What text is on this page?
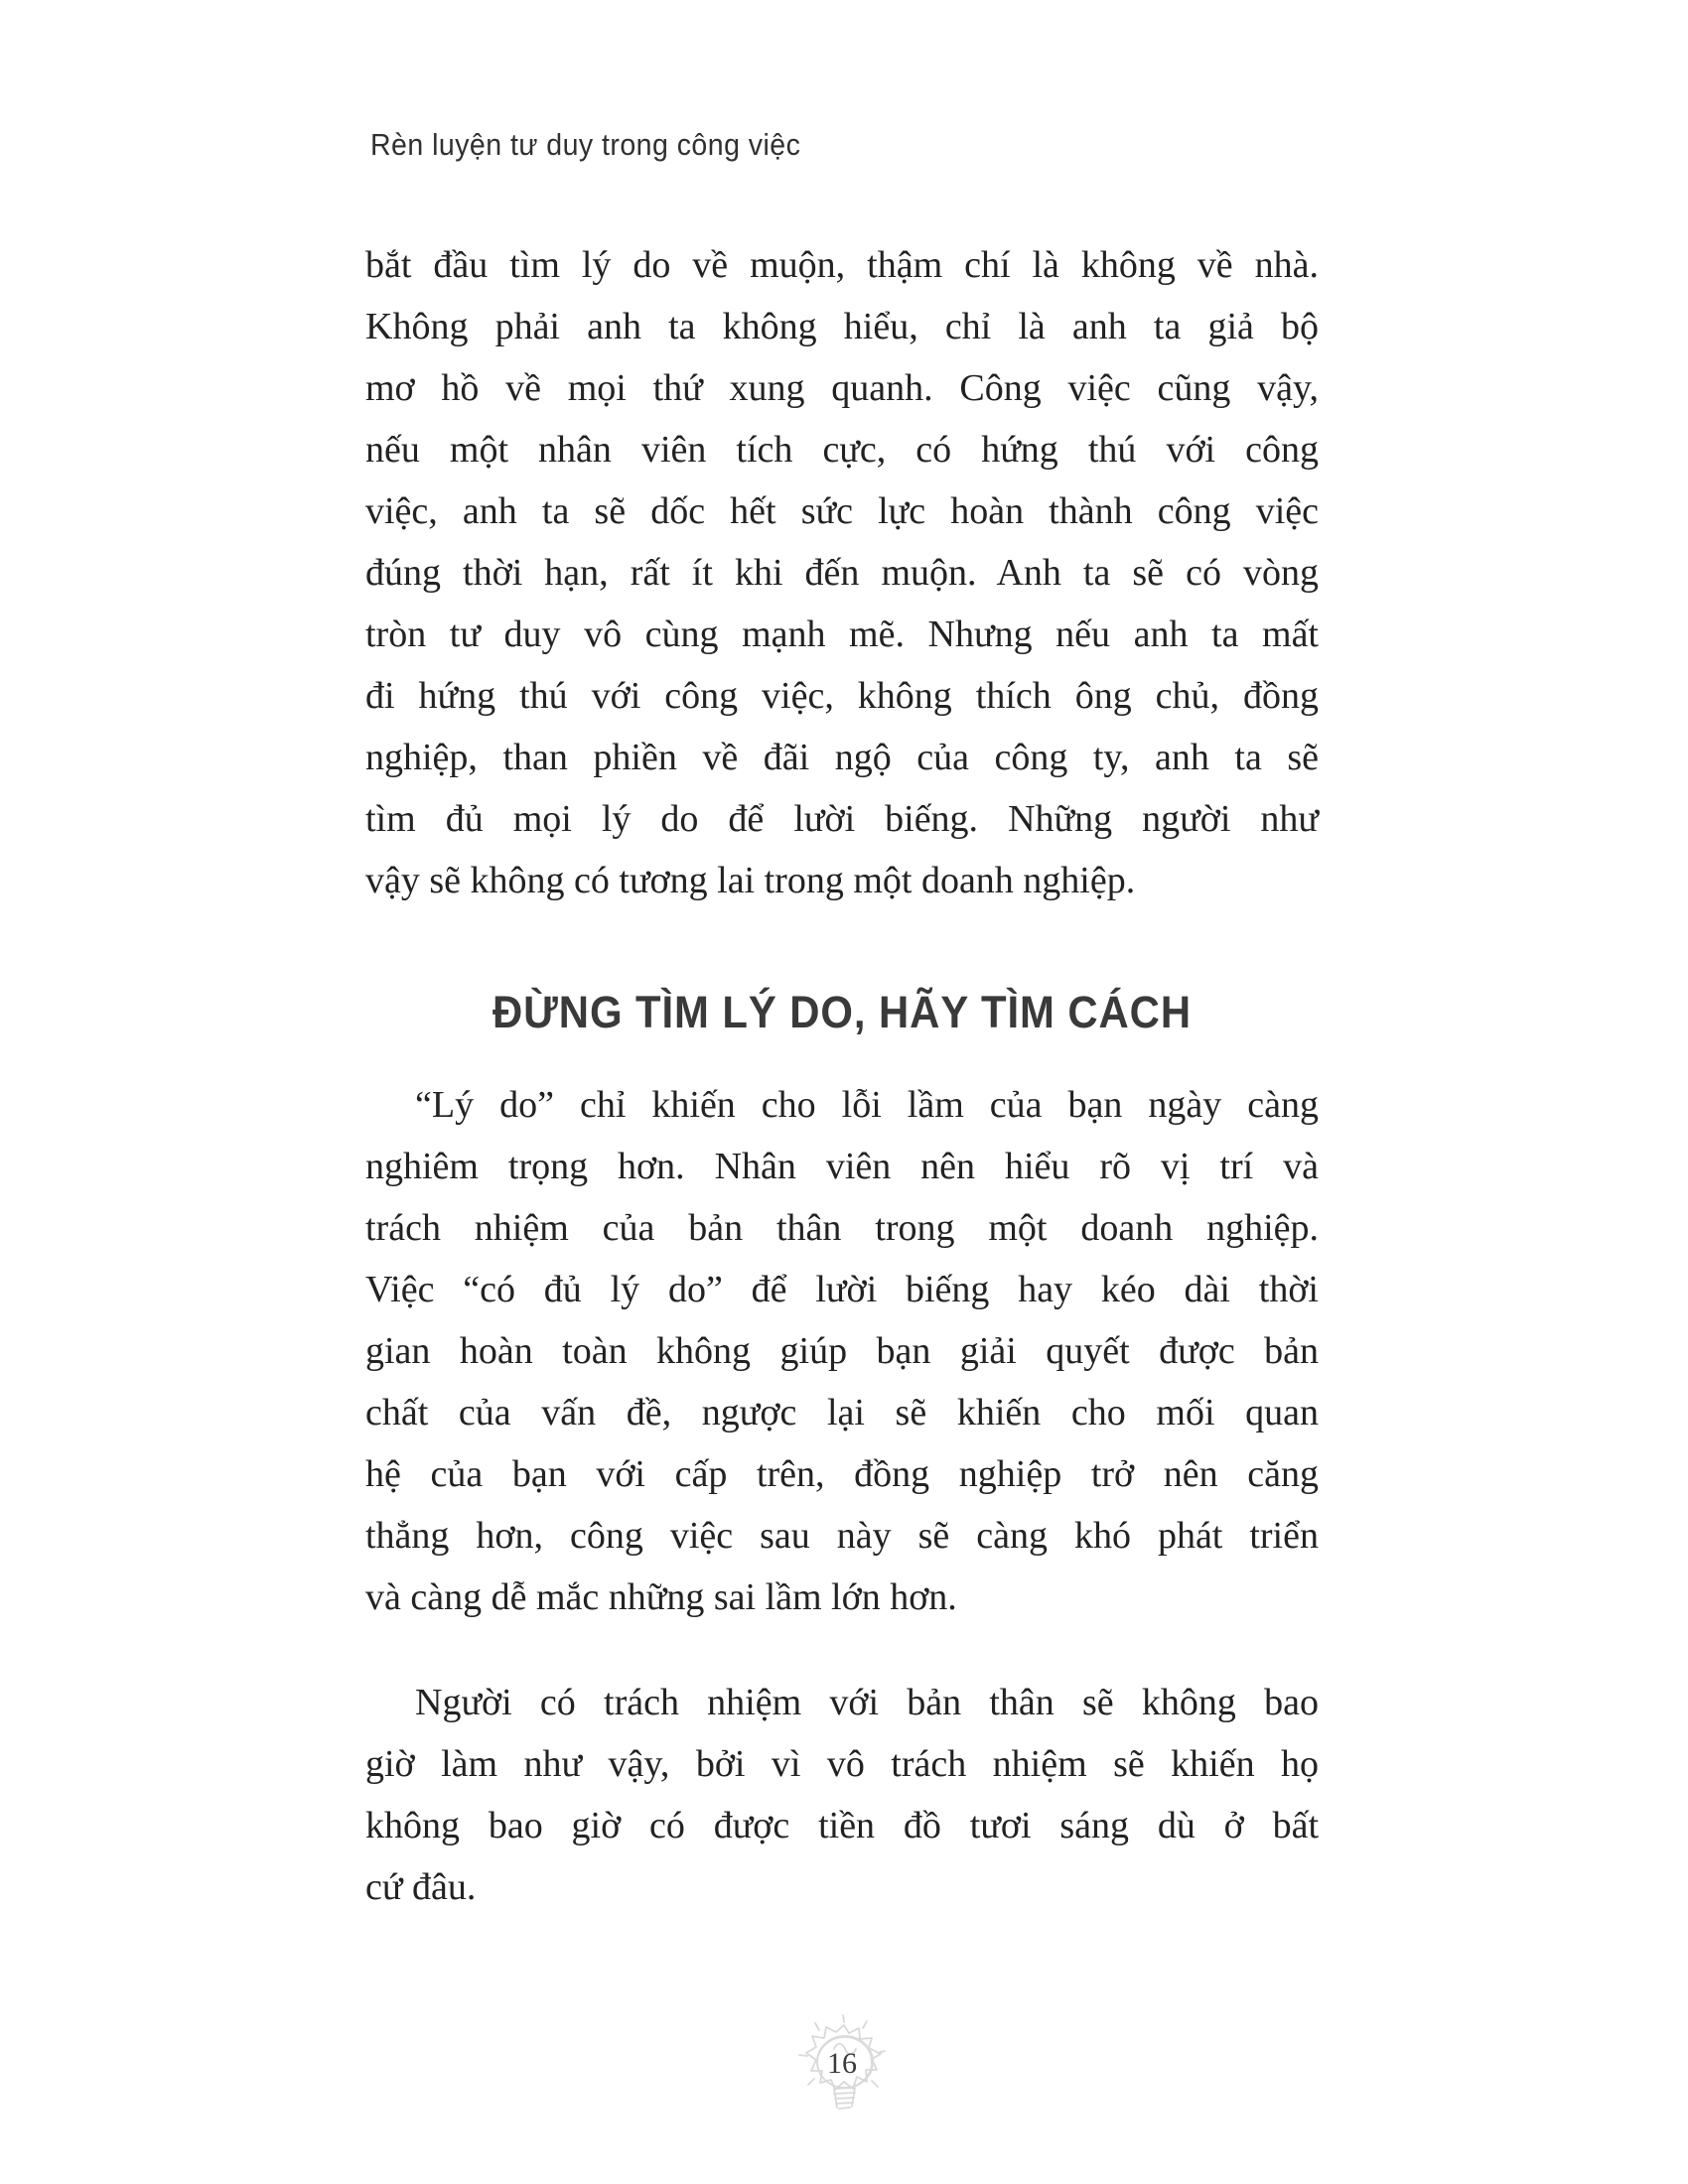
Rèn luyện tư duy trong công việc
bắt đầu tìm lý do về muộn, thậm chí là không về nhà.
Không phải anh ta không hiểu, chỉ là anh ta giả bộ
mơ hồ về mọi thứ xung quanh. Công việc cũng vậy,
nếu một nhân viên tích cực, có hứng thú với công
việc, anh ta sẽ dốc hết sức lực hoàn thành công việc
đúng thời hạn, rất ít khi đến muộn. Anh ta sẽ có vòng
tròn tư duy vô cùng mạnh mẽ. Nhưng nếu anh ta mất
đi hứng thú với công việc, không thích ông chủ, đồng
nghiệp, than phiền về đãi ngộ của công ty, anh ta sẽ
tìm đủ mọi lý do để lười biếng. Những người như
vậy sẽ không có tương lai trong một doanh nghiệp.
ĐỪNG TÌM LÝ DO, HÃY TÌM CÁCH
“Lý do” chỉ khiến cho lỗi lầm của bạn ngày càng
nghiêm trọng hơn. Nhân viên nên hiểu rõ vị trí và
trách nhiệm của bản thân trong một doanh nghiệp.
Việc “có đủ lý do” để lười biếng hay kéo dài thời
gian hoàn toàn không giúp bạn giải quyết được bản
chất của vấn đề, ngược lại sẽ khiến cho mối quan
hệ của bạn với cấp trên, đồng nghiệp trở nên căng
thẳng hơn, công việc sau này sẽ càng khó phát triển
và càng dễ mắc những sai lầm lớn hơn.
Người có trách nhiệm với bản thân sẽ không bao
giờ làm như vậy, bởi vì vô trách nhiệm sẽ khiến họ
không bao giờ có được tiền đồ tươi sáng dù ở bất
cứ đâu.
16
